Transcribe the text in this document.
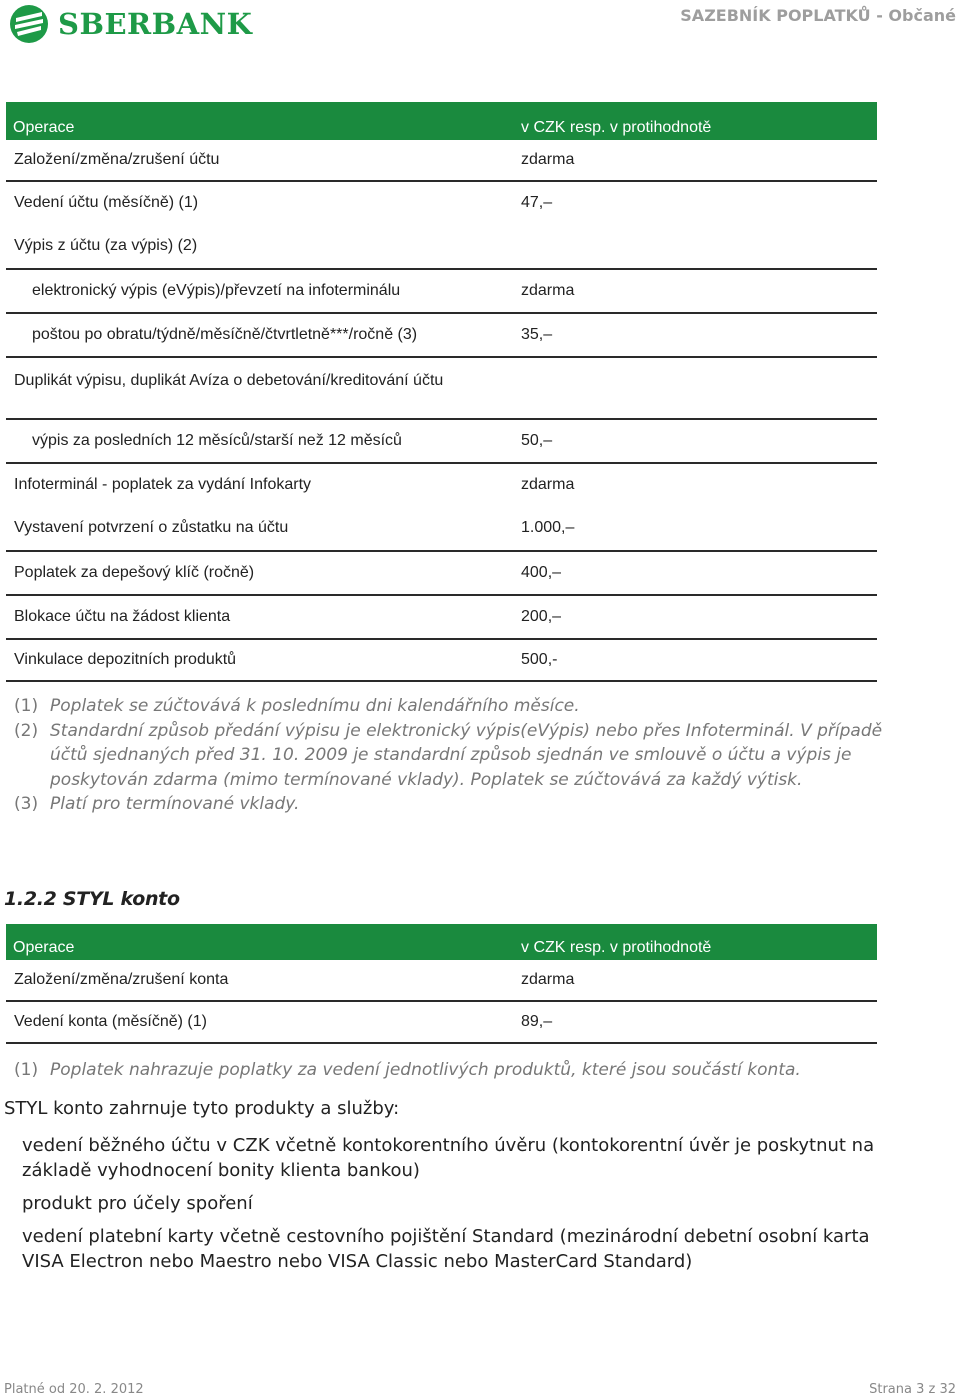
SBERBANK	SAZEBNÍK POPLATKŮ - Občané
Operace	v CZK resp. v protihodnotě
Založení/změna/zrušení účtu	zdarma
Vedení účtu (měsíčně) (1)	47,–
Výpis z účtu (za výpis) (2)
elektronický výpis (eVýpis)/převzetí na infoterminálu	zdarma
poštou po obratu/týdně/měsíčně/čtvrtletně***/ročně (3)	35,–
Duplikát výpisu, duplikát Avíza o debetování/kreditování účtu
výpis za posledních 12 měsíců/starší než 12 měsíců	50,–
Infoterminál - poplatek za vydání Infokarty	zdarma
Vystavení potvrzení o zůstatku na účtu	1.000,–
Poplatek za depešový klíč (ročně)	400,–
Blokace účtu na žádost klienta	200,–
Vinkulace depozitních produktů	500,-
(1) Poplatek se zúčtovává k poslednímu dni kalendářního měsíce.
(2) Standardní způsob předání výpisu je elektronický výpis(eVýpis) nebo přes Infoterminál. V případě účtů sjednaných před 31. 10. 2009 je standardní způsob sjednán ve smlouvě o účtu a výpis je poskytován zdarma (mimo termínované vklady). Poplatek se zúčtovává za každý výtisk.
(3) Platí pro termínované vklady.
1.2.2 STYL konto
Operace	v CZK resp. v protihodnotě
Založení/změna/zrušení konta	zdarma
Vedení konta (měsíčně) (1)	89,–
(1) Poplatek nahrazuje poplatky za vedení jednotlivých produktů, které jsou součástí konta.
STYL konto zahrnuje tyto produkty a služby:
vedení běžného účtu v CZK včetně kontokorentního úvěru (kontokorentní úvěr je poskytnut na základě vyhodnocení bonity klienta bankou)
produkt pro účely spoření
vedení platební karty včetně cestovního pojištění Standard (mezinárodní debetní osobní karta VISA Electron nebo Maestro nebo VISA Classic nebo MasterCard Standard)
Platné od 20. 2. 2012	Strana 3 z 32
